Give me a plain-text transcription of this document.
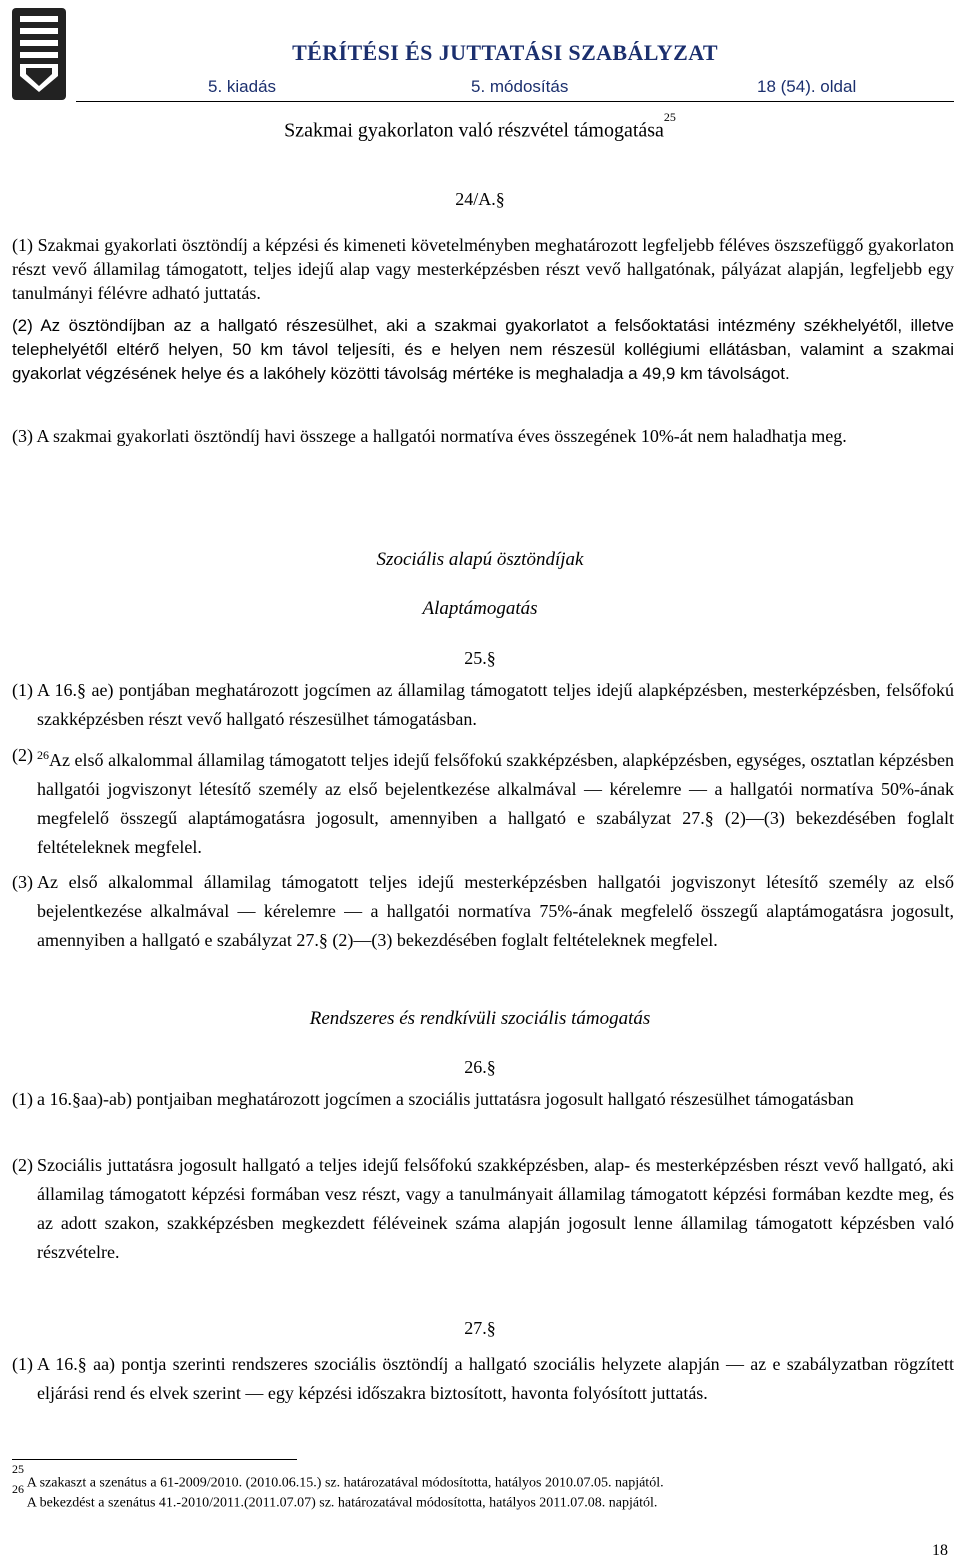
TÉRÍTÉSI ÉS JUTTATÁSI SZABÁLYZAT
5. kiadás	5. módosítás	18 (54). oldal
Szakmai gyakorlaton való részvétel támogatása$^{25}$
24/A.§
(1) Szakmai gyakorlati ösztöndíj a képzési és kimeneti követelményben meghatározott legfeljebb féléves öszszefüggő gyakorlaton részt vevő államilag támogatott, teljes idejű alap vagy mesterképzésben részt vevő hallgatónak, pályázat alapján, legfeljebb egy tanulmányi félévre adható juttatás.
(2) Az ösztöndíjban az a hallgató részesülhet, aki a szakmai gyakorlatot a felsőoktatási intézmény székhelyétől, illetve telephelyétől eltérő helyen, 50 km távol teljesíti, és e helyen nem részesül kollégiumi ellátásban, valamint a szakmai gyakorlat végzésének helye és a lakóhely közötti távolság mértéke is meghaladja a 49,9 km távolságot.
(3) A szakmai gyakorlati ösztöndíj havi összege a hallgatói normatíva éves összegének 10%-át nem haladhatja meg.
Szociális alapú ösztöndíjak
Alaptámogatás
25.§
(1) A 16.§ ae) pontjában meghatározott jogcímen az államilag támogatott teljes idejű alapképzésben, mesterképzésben, felsőfokú szakképzésben részt vevő hallgató részesülhet támogatásban.
(2) $^{26}$Az első alkalommal államilag támogatott teljes idejű felsőfokú szakképzésben, alapképzésben, egységes, osztatlan képzésben hallgatói jogviszonyt létesítő személy az első bejelentkezése alkalmával — kérelemre — a hallgatói normatíva 50%-ának megfelelő összegű alaptámogatásra jogosult, amennyiben a hallgató e szabályzat 27.§ (2)—(3) bekezdésében foglalt feltételeknek megfelel.
(3) Az első alkalommal államilag támogatott teljes idejű mesterképzésben hallgatói jogviszonyt létesítő személy az első bejelentkezése alkalmával — kérelemre — a hallgatói normatíva 75%-ának megfelelő összegű alaptámogatásra jogosult, amennyiben a hallgató e szabályzat 27.§ (2)—(3) bekezdésében foglalt feltételeknek megfelel.
Rendszeres és rendkívüli szociális támogatás
26.§
(1) a 16.§aa)-ab) pontjaiban meghatározott jogcímen a szociális juttatásra jogosult hallgató részesülhet támogatásban
(2) Szociális juttatásra jogosult hallgató a teljes idejű felsőfokú szakképzésben, alap- és mesterképzésben részt vevő hallgató, aki államilag támogatott képzési formában vesz részt, vagy a tanulmányait államilag támogatott képzési formában kezdte meg, és az adott szakon, szakképzésben megkezdett féléveinek száma alapján jogosult lenne államilag támogatott képzésben való részvételre.
27.§
(1) A 16.§ aa) pontja szerinti rendszeres szociális ösztöndíj a hallgató szociális helyzete alapján — az e szabályzatban rögzített eljárási rend és elvek szerint — egy képzési időszakra biztosított, havonta folyósított juttatás.
$^{25}$ A szakaszt a szenátus a 61-2009/2010. (2010.06.15.) sz. határozatával módosította, hatályos 2010.07.05. napjától.
$^{26}$ A bekezdést a szenátus 41.-2010/2011.(2011.07.07) sz. határozatával módosította, hatályos 2011.07.08. napjától.
18
